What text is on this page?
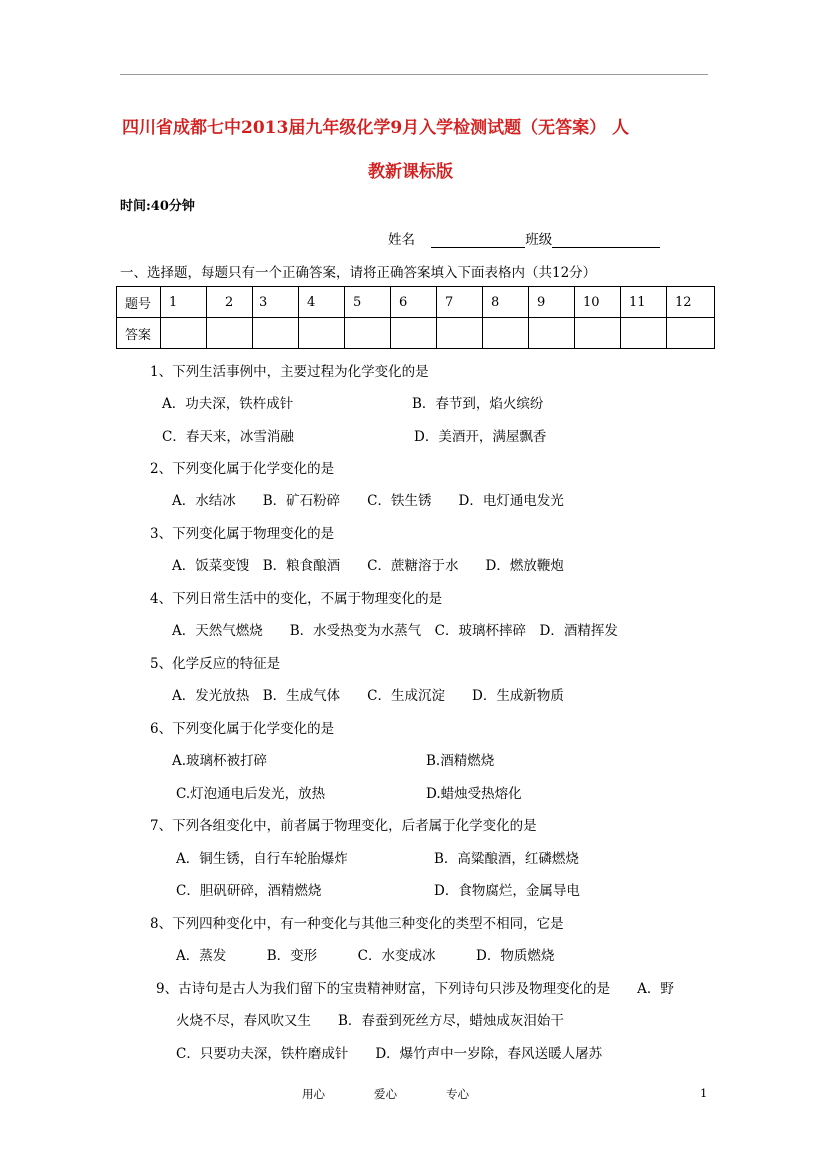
四川省成都七中2013届九年级化学9月入学检测试题（无答案） 人
教新课标版
时间:40分钟
姓名	班级
一、选择题，每题只有一个正确答案，请将正确答案填入下面表格内（共12分）
题号	1	2	3	4	5	6	7	8	9	10	11	12
答案												
1、下列生活事例中，主要过程为化学变化的是
A．功夫深，铁杵成针	B．春节到，焰火缤纷
C．春天来，冰雪消融	D．美酒开，满屋飘香
2、下列变化属于化学变化的是
A．水结冰　　B．矿石粉碎　　C．铁生锈　　D．电灯通电发光
3、下列变化属于物理变化的是
A．饭菜变馊　B．粮食酿酒　　C．蔗糖溶于水　　D．燃放鞭炮
4、下列日常生活中的变化，不属于物理变化的是
A．天然气燃烧　　B．水受热变为水蒸气　C．玻璃杯摔碎　D．酒精挥发
5、化学反应的特征是
A．发光放热　B．生成气体　　C．生成沉淀　　D．生成新物质
6、下列变化属于化学变化的是
A.玻璃杯被打碎	B.酒精燃烧
C.灯泡通电后发光，放热	D.蜡烛受热熔化
7、下列各组变化中，前者属于物理变化，后者属于化学变化的是
A．铜生锈，自行车轮胎爆炸	B．高粱酿酒，红磷燃烧
C．胆矾研碎，酒精燃烧	D．食物腐烂，金属导电
8、下列四种变化中，有一种变化与其他三种变化的类型不相同，它是
A．蒸发　　　B．变形　　　C．水变成冰　　　D．物质燃烧
9、古诗句是古人为我们留下的宝贵精神财富，下列诗句只涉及物理变化的是　　A．野
火烧不尽，春风吹又生　　B．春蚕到死丝方尽，蜡烛成灰泪始干
C．只要功夫深，铁杵磨成针　　D．爆竹声中一岁除，春风送暖人屠苏
用心	爱心	专心	1
